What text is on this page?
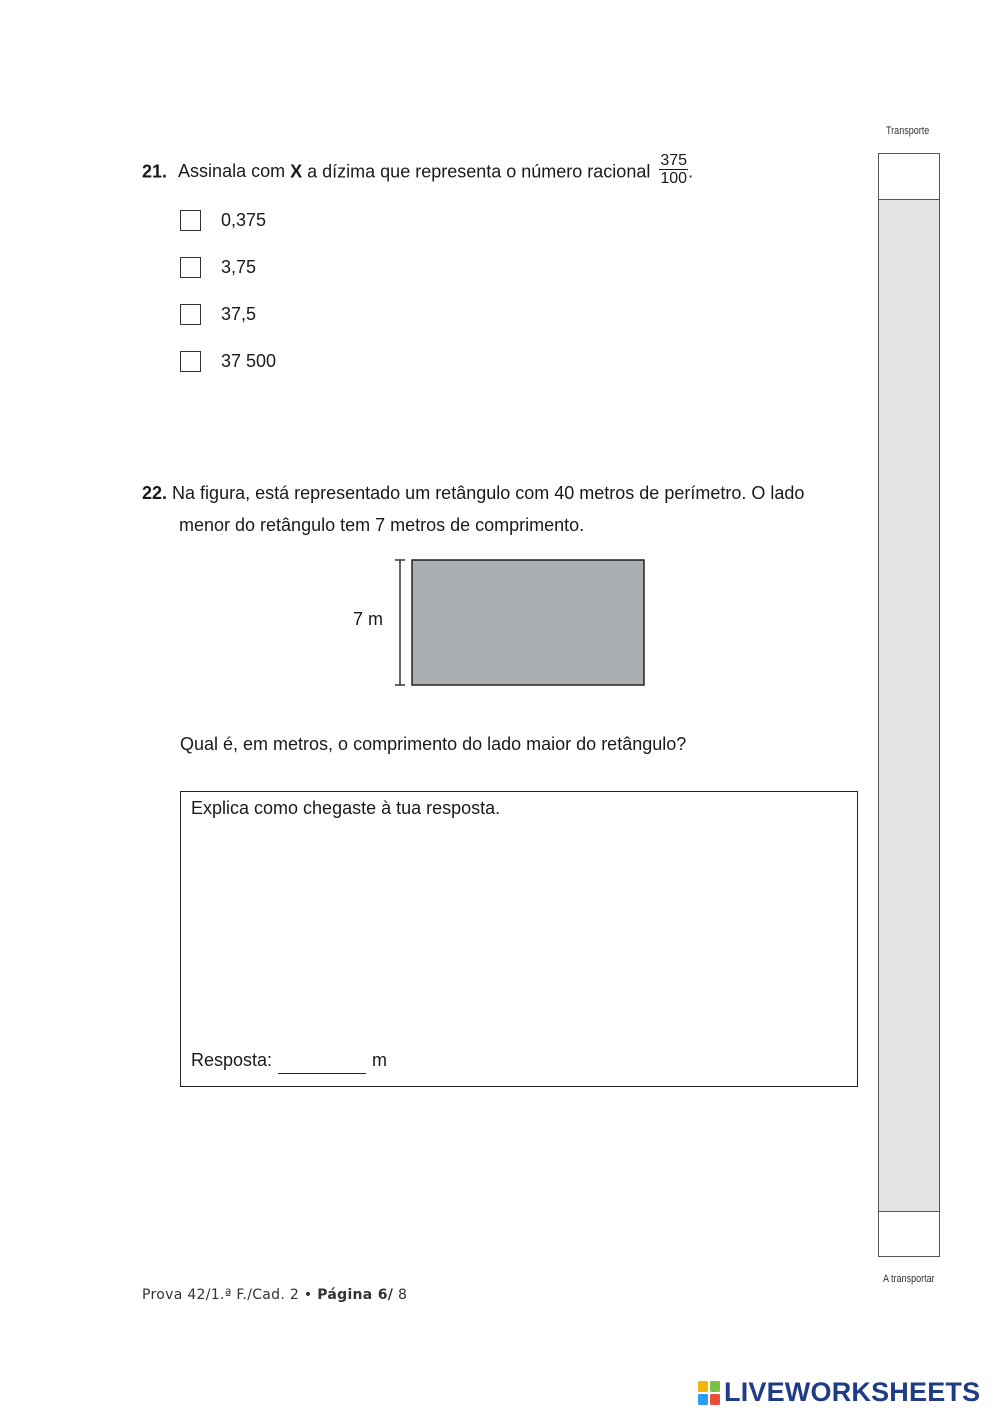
Transporte
A transportar
21. Assinala com X a dízima que representa o número racional $\frac{375}{100}$ .
0,375
3,75
37,5
37 500
22. Na figura, está representado um retângulo com 40 metros de perímetro. O lado
menor do retângulo tem 7 metros de comprimento.
7 m
Qual é, em metros, o comprimento do lado maior do retângulo?
Explica como chegaste à tua resposta.
Resposta:	m
Prova 42/1.ª F./Cad. 2 • Página 6/ 8
LIVEWORKSHEETS
